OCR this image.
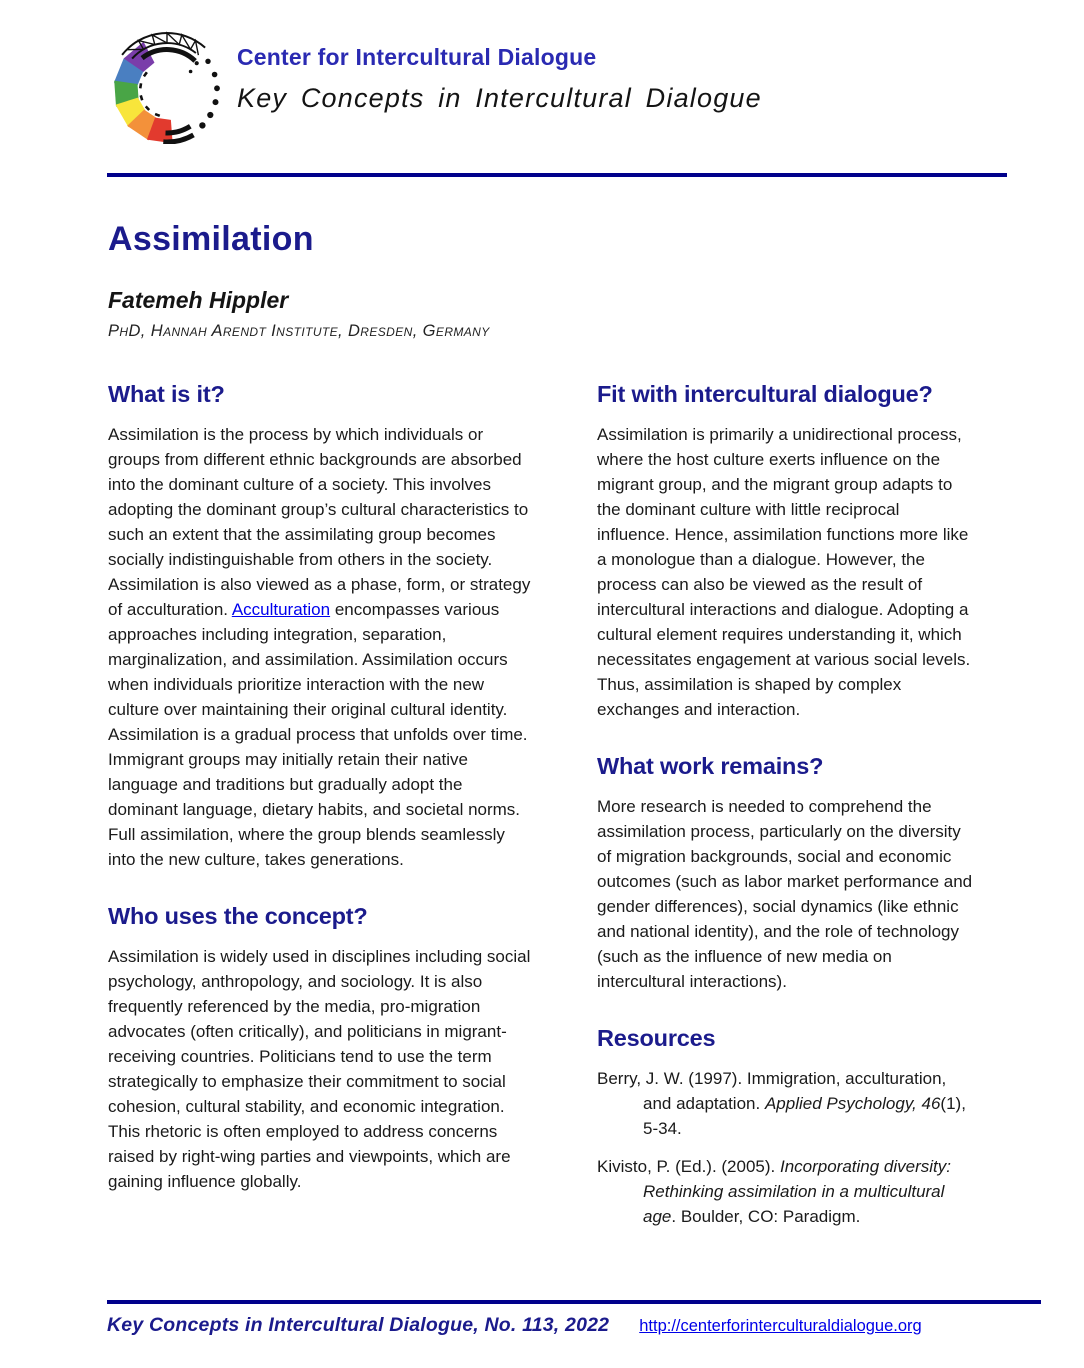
Center for Intercultural Dialogue
Key Concepts in Intercultural Dialogue
Assimilation
Fatemeh Hippler
PhD, Hannah Arendt Institute, Dresden, Germany
What is it?

Assimilation is the process by which individuals or groups from different ethnic backgrounds are absorbed into the dominant culture of a society. This involves adopting the dominant group’s cultural characteristics to such an extent that the assimilating group becomes socially indistinguishable from others in the society. Assimilation is also viewed as a phase, form, or strategy of acculturation. Acculturation encompasses various approaches including integration, separation, marginalization, and assimilation. Assimilation occurs when individuals prioritize interaction with the new culture over maintaining their original cultural identity. Assimilation is a gradual process that unfolds over time. Immigrant groups may initially retain their native language and traditions but gradually adopt the dominant language, dietary habits, and societal norms. Full assimilation, where the group blends seamlessly into the new culture, takes generations.

Who uses the concept?

Assimilation is widely used in disciplines including social psychology, anthropology, and sociology. It is also frequently referenced by the media, pro-migration advocates (often critically), and politicians in migrant-receiving countries. Politicians tend to use the term strategically to emphasize their commitment to social cohesion, cultural stability, and economic integration. This rhetoric is often employed to address concerns raised by right-wing parties and viewpoints, which are gaining influence globally.

Fit with intercultural dialogue?

Assimilation is primarily a unidirectional process, where the host culture exerts influence on the migrant group, and the migrant group adapts to the dominant culture with little reciprocal influence. Hence, assimilation functions more like a monologue than a dialogue. However, the process can also be viewed as the result of intercultural interactions and dialogue. Adopting a cultural element requires understanding it, which necessitates engagement at various social levels. Thus, assimilation is shaped by complex exchanges and interaction.

What work remains?

More research is needed to comprehend the assimilation process, particularly on the diversity of migration backgrounds, social and economic outcomes (such as labor market performance and gender differences), social dynamics (like ethnic and national identity), and the role of technology (such as the influence of new media on intercultural interactions).

Resources

Berry, J. W. (1997). Immigration, acculturation, and adaptation. Applied Psychology, 46(1), 5-34.

Kivisto, P. (Ed.). (2005). Incorporating diversity: Rethinking assimilation in a multicultural age. Boulder, CO: Paradigm.

Key Concepts in Intercultural Dialogue, No. 113, 2022 http://centerforinterculturaldialogue.org
